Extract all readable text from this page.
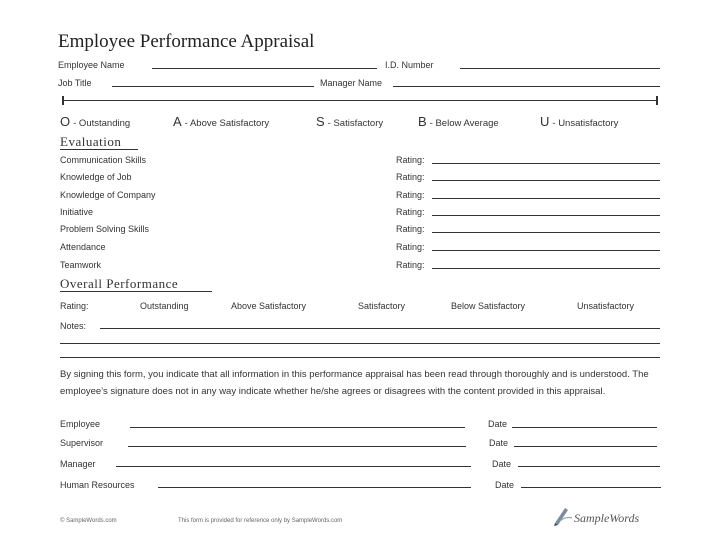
Employee Performance Appraisal
Employee Name	I.D. Number
Job Title	Manager Name
O - Outstanding	A - Above Satisfactory	S - Satisfactory	B - Below Average	U - Unsatisfactory
Evaluation
Communication Skills	Rating:
Knowledge of Job	Rating:
Knowledge of Company	Rating:
Initiative	Rating:
Problem Solving Skills	Rating:
Attendance	Rating:
Teamwork	Rating:
Overall Performance
Rating:	Outstanding	Above Satisfactory	Satisfactory	Below Satisfactory	Unsatisfactory
Notes:
By signing this form, you indicate that all information in this performance appraisal has been read through thoroughly and is understood. The employee's signature does not in any way indicate whether he/she agrees or disagrees with the content provided in this appraisal.
Employee	Date
Supervisor	Date
Manager	Date
Human Resources	Date
© SampleWords.com	This form is provided for reference only by SampleWords.com	SampleWords
